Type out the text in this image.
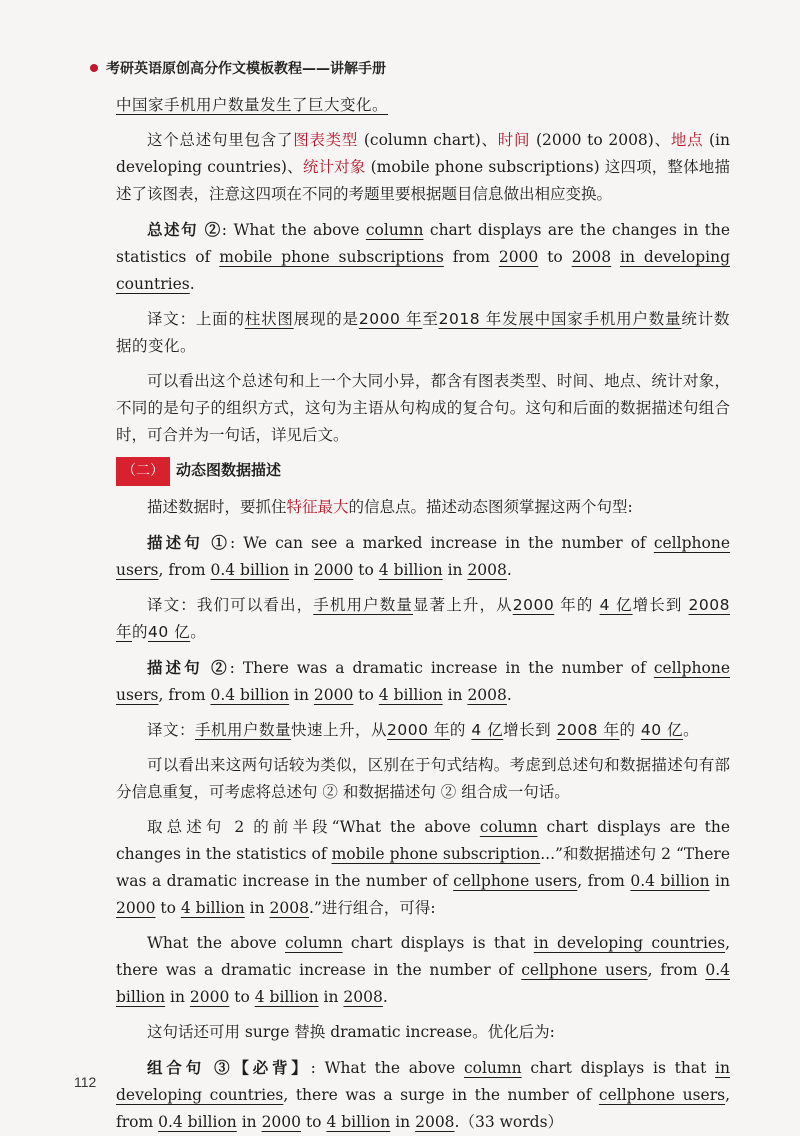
考研英语原创高分作文模板教程——讲解手册

中国家手机用户数量发生了巨大变化。

这个总述句里包含了图表类型 (column chart)、时间 (2000 to 2008)、地点 (in developing countries)、统计对象 (mobile phone subscriptions) 这四项，整体地描述了该图表，注意这四项在不同的考题里要根据题目信息做出相应变换。

总述句 ②: What the above column chart displays are the changes in the statistics of mobile phone subscriptions from 2000 to 2008 in developing countries.

译文：上面的柱状图展现的是2000 年至2018 年发展中国家手机用户数量统计数据的变化。

可以看出这个总述句和上一个大同小异，都含有图表类型、时间、地点、统计对象，不同的是句子的组织方式，这句为主语从句构成的复合句。这句和后面的数据描述句组合时，可合并为一句话，详见后文。

（二） 动态图数据描述

描述数据时，要抓住特征最大的信息点。描述动态图须掌握这两个句型:

描述句 ①: We can see a marked increase in the number of cellphone users, from 0.4 billion in 2000 to 4 billion in 2008.

译文：我们可以看出，手机用户数量显著上升，从2000 年的 4 亿增长到 2008 年的40 亿。

描述句 ②: There was a dramatic increase in the number of cellphone users, from 0.4 billion in 2000 to 4 billion in 2008.

译文：手机用户数量快速上升，从2000 年的 4 亿增长到 2008 年的 40 亿。

可以看出来这两句话较为类似，区别在于句式结构。考虑到总述句和数据描述句有部分信息重复，可考虑将总述句 ② 和数据描述句 ② 组合成一句话。

取总述句 2 的前半段“What the above column chart displays are the changes in the statistics of mobile phone subscription...”和数据描述句 2 “There was a dramatic increase in the number of cellphone users, from 0.4 billion in 2000 to 4 billion in 2008.”进行组合，可得:

What the above column chart displays is that in developing countries, there was a dramatic increase in the number of cellphone users, from 0.4 billion in 2000 to 4 billion in 2008.

这句话还可用 surge 替换 dramatic increase。优化后为:

组合句 ③【必背】: What the above column chart displays is that in developing countries, there was a surge in the number of cellphone users, from 0.4 billion in 2000 to 4 billion in 2008.（33 words）

112
